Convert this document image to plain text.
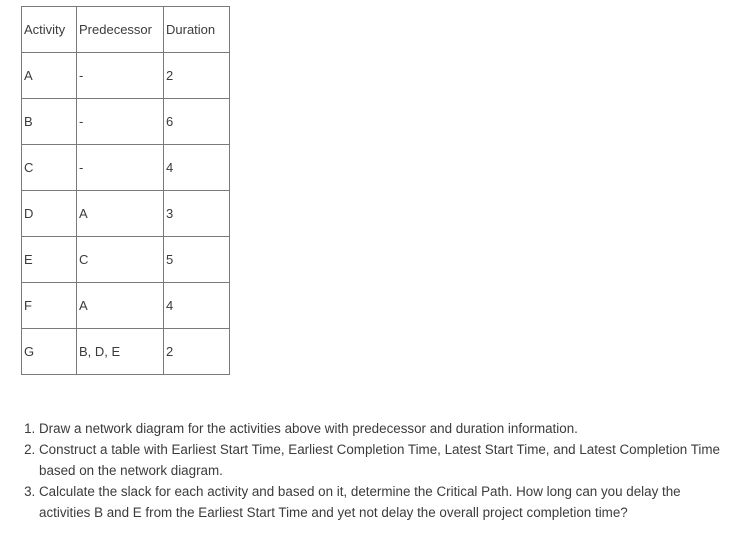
Activity	Predecessor	Duration
A	-	2
B	-	6
C	-	4
D	A	3
E	C	5
F	A	4
G	B, D, E	2
1. Draw a network diagram for the activities above with predecessor and duration information.
2. Construct a table with Earliest Start Time, Earliest Completion Time, Latest Start Time, and Latest Completion Time based on the network diagram.
3. Calculate the slack for each activity and based on it, determine the Critical Path. How long can you delay the activities B and E from the Earliest Start Time and yet not delay the overall project completion time?
